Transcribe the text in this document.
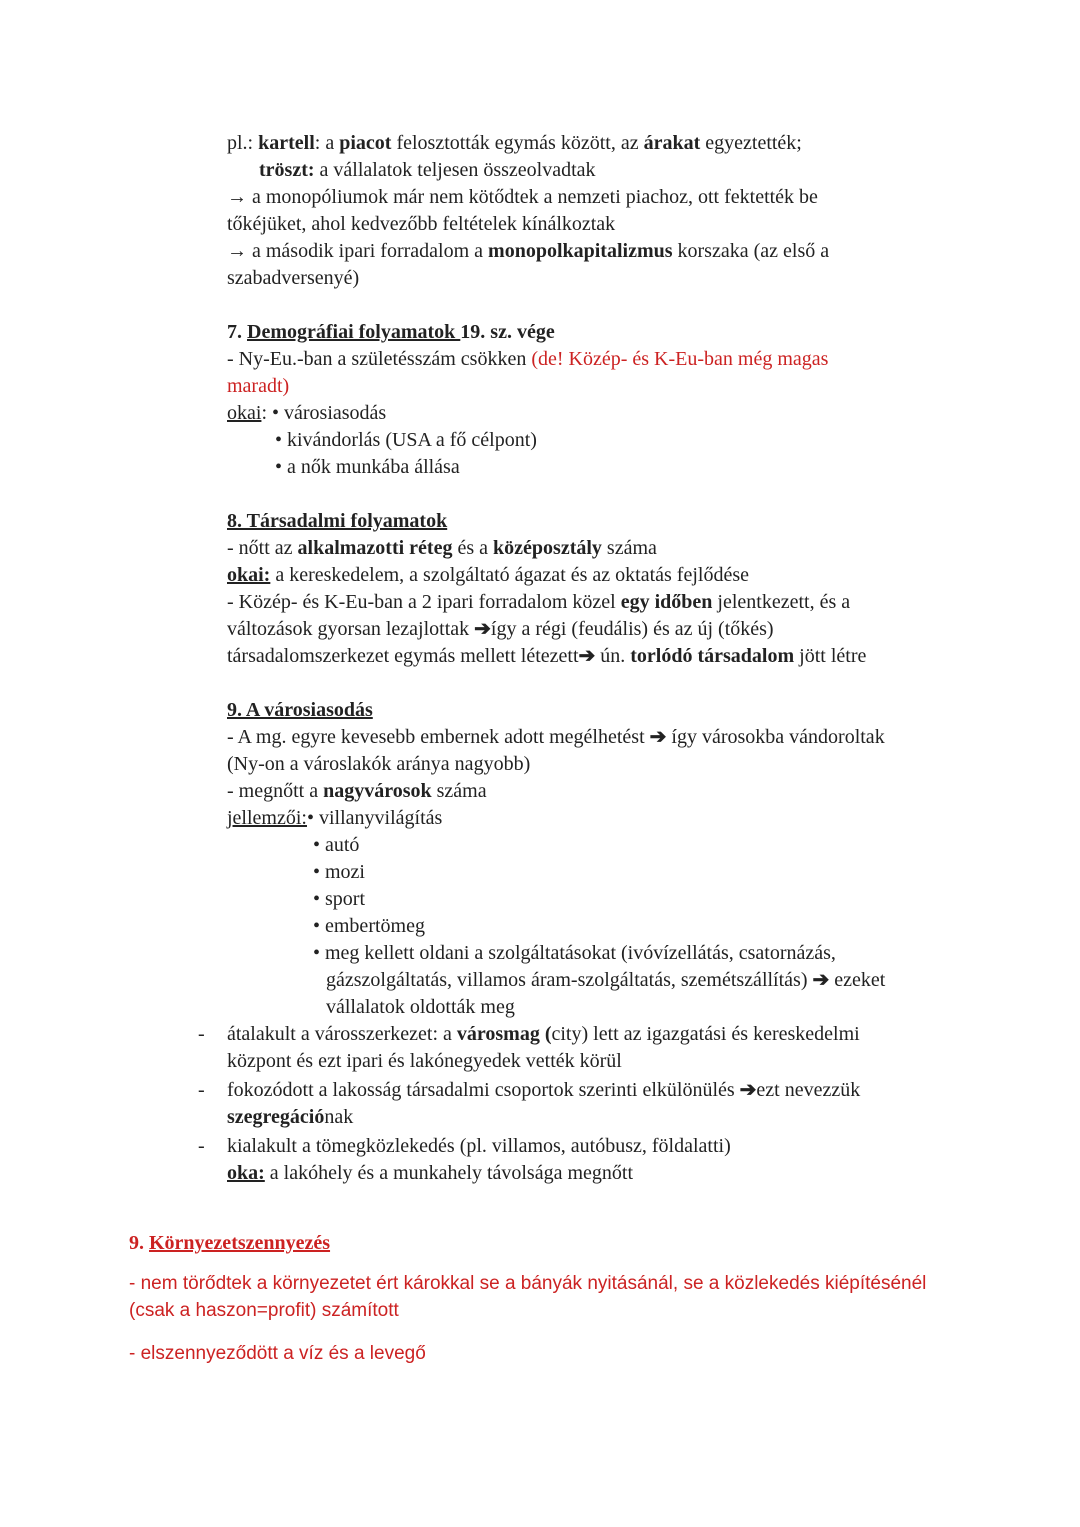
pl.: kartell: a piacot felosztották egymás között, az árakat egyeztették;
tröszt: a vállalatok teljesen összeolvadtak
→ a monopóliumok már nem kötődtek a nemzeti piachoz, ott fektették be
tőkéjüket, ahol kedvezőbb feltételek kínálkoztak
→ a második ipari forradalom a monopolkapitalizmus korszaka (az első a
szabadversenyé)
7. Demográfiai folyamatok 19. sz. vége
- Ny-Eu.-ban a születésszám csökken (de! Közép- és K-Eu-ban még magas
maradt)
okai: • városiasodás
• kivándorlás (USA a fő célpont)
• a nők munkába állása
8. Társadalmi folyamatok
- nőtt az alkalmazotti réteg és a középosztály száma
okai: a kereskedelem, a szolgáltató ágazat és az oktatás fejlődése
- Közép- és K-Eu-ban a 2 ipari forradalom közel egy időben jelentkezett, és a
változások gyorsan lezajlottak ➔így a régi (feudális) és az új (tőkés)
társadalomszerkezet egymás mellett létezett➔ ún. torlódó társadalom jött létre
9. A városiasodás
- A mg. egyre kevesebb embernek adott megélhetést ➔ így városokba vándoroltak
(Ny-on a városlakók aránya nagyobb)
- megnőtt a nagyvárosok száma
jellemzői:• villanyvilágítás
• autó
• mozi
• sport
• embertömeg
• meg kellett oldani a szolgáltatásokat (ivóvízellátás, csatornázás,
gázszolgáltatás, villamos áram-szolgáltatás, szemétszállítás) ➔ ezeket
vállalatok oldották meg
- átalakult a városszerkezet: a városmag (city) lett az igazgatási és kereskedelmi
központ és ezt ipari és lakónegyedek vették körül
- fokozódott a lakosság társadalmi csoportok szerinti elkülönülés ➔ezt nevezzük
szegregációnak
- kialakult a tömegközlekedés (pl. villamos, autóbusz, földalatti)
oka: a lakóhely és a munkahely távolsága megnőtt
9. Környezetszennyezés
- nem törődtek a környezetet ért károkkal se a bányák nyitásánál, se a közlekedés kiépítésénél
(csak a haszon=profit) számított
- elszennyeződött a víz és a levegő
